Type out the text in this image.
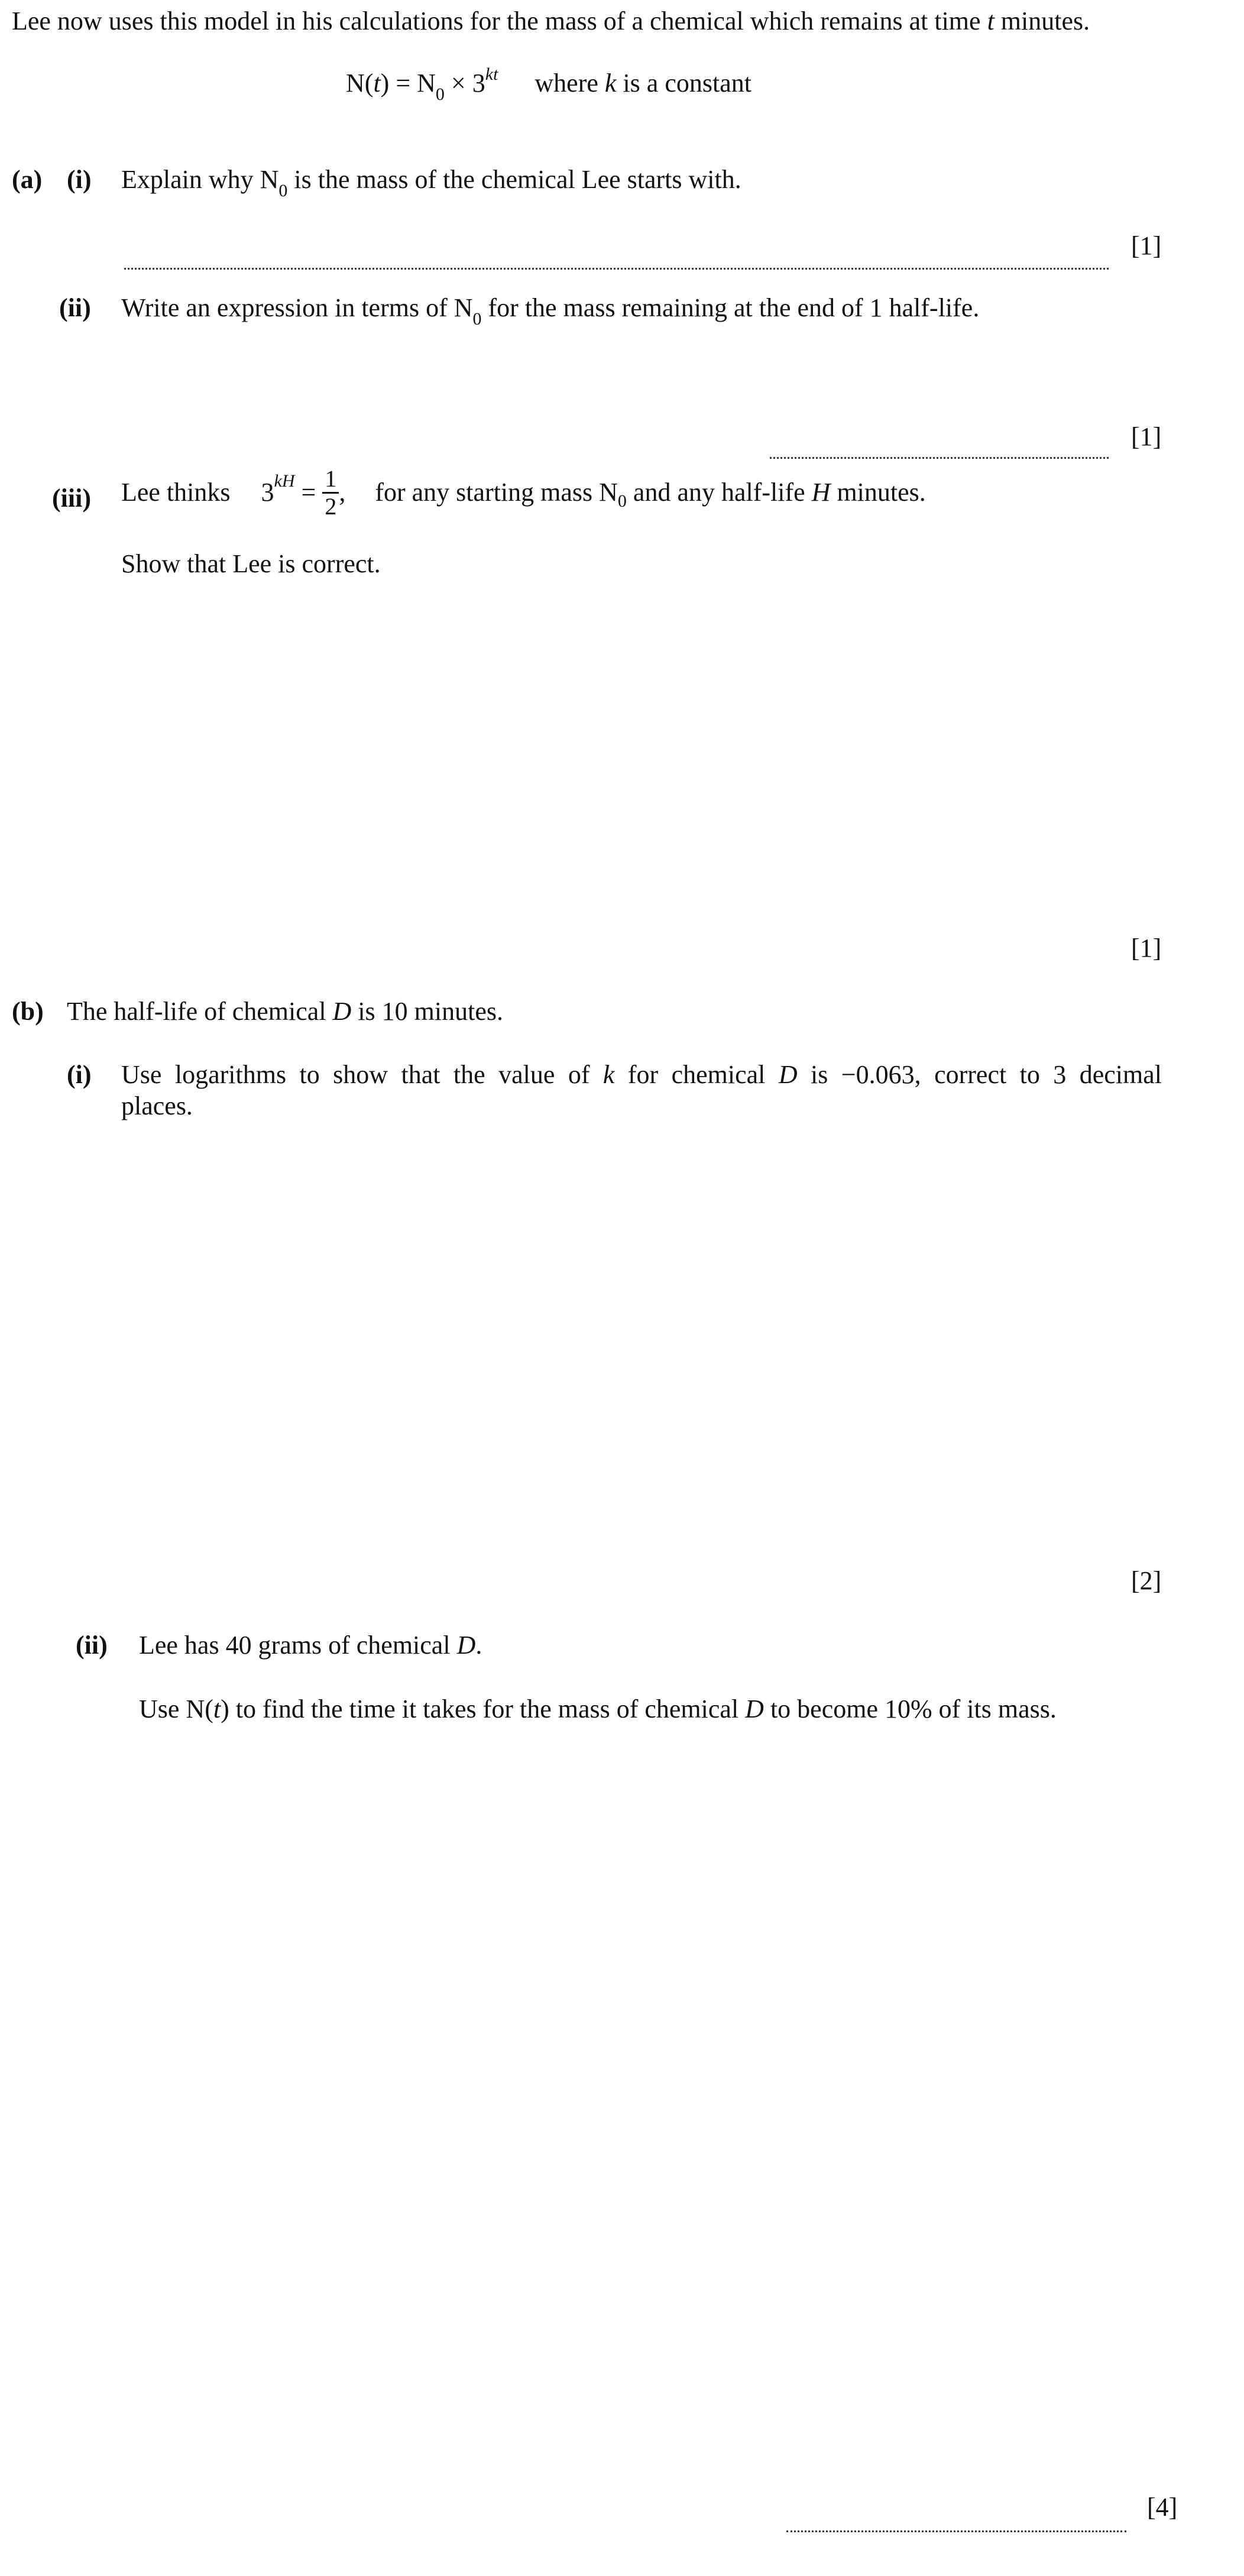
Lee now uses this model in his calculations for the mass of a chemical which remains at time t minutes.
$N(t) = N_0 \times 3^{kt}$ where k is a constant
(a) (i) Explain why $N_0$ is the mass of the chemical Lee starts with.
[1]
(ii) Write an expression in terms of $N_0$ for the mass remaining at the end of 1 half-life.
[1]
(iii) Lee thinks $3^{kH} = \frac{1}{2}$ , for any starting mass $N_0$ and any half-life H minutes.
Show that Lee is correct.
[1]
(b) The half-life of chemical D is 10 minutes.
(i) Use logarithms to show that the value of k for chemical D is −0.063, correct to 3 decimal
places.
[2]
(ii) Lee has 40 grams of chemical D.
Use N(t) to find the time it takes for the mass of chemical D to become 10% of its mass.
[4]
